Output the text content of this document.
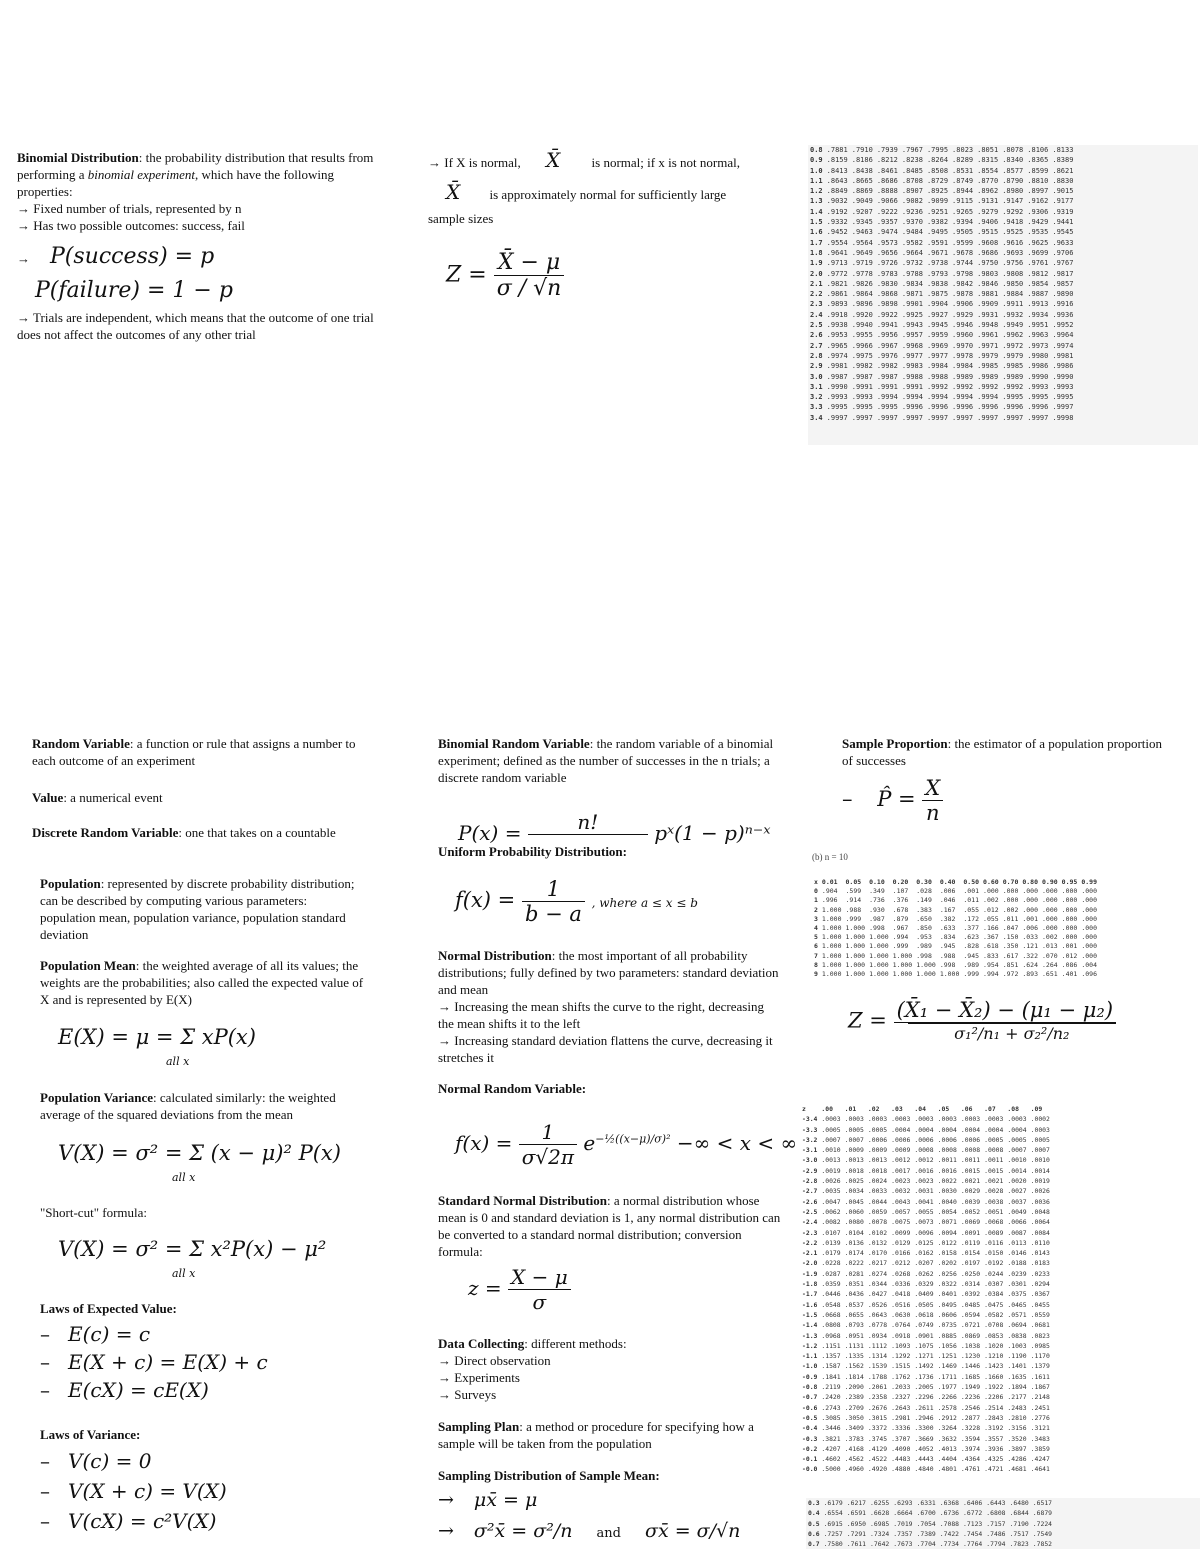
Binomial Distribution: the probability distribution that results from performing a binomial experiment, which have the following properties:
→ Fixed number of trials, represented by n
→ Has two possible outcomes: success, fail
→ P(success) = p
P(failure) = 1 − p
→ Trials are independent, which means that the outcome of one trial does not affect the outcomes of any other trial
→ If X is normal, X̄ is normal; if x is not normal,
X̄ is approximately normal for sufficiently large
sample sizes
$Z = \frac{X̄ - \mu}{\sigma / √n}$
0.8	.7881	.7910	.7939	.7967	.7995	.8023	.8051	.8078	.8106	.8133
0.9	.8159	.8186	.8212	.8238	.8264	.8289	.8315	.8340	.8365	.8389
1.0	.8413	.8438	.8461	.8485	.8508	.8531	.8554	.8577	.8599	.8621
1.1	.8643	.8665	.8686	.8708	.8729	.8749	.8770	.8790	.8810	.8830
1.2	.8849	.8869	.8888	.8907	.8925	.8944	.8962	.8980	.8997	.9015
1.3	.9032	.9049	.9066	.9082	.9099	.9115	.9131	.9147	.9162	.9177
1.4	.9192	.9207	.9222	.9236	.9251	.9265	.9279	.9292	.9306	.9319
1.5	.9332	.9345	.9357	.9370	.9382	.9394	.9406	.9418	.9429	.9441
1.6	.9452	.9463	.9474	.9484	.9495	.9505	.9515	.9525	.9535	.9545
1.7	.9554	.9564	.9573	.9582	.9591	.9599	.9608	.9616	.9625	.9633
1.8	.9641	.9649	.9656	.9664	.9671	.9678	.9686	.9693	.9699	.9706
1.9	.9713	.9719	.9726	.9732	.9738	.9744	.9750	.9756	.9761	.9767
2.0	.9772	.9778	.9783	.9788	.9793	.9798	.9803	.9808	.9812	.9817
2.1	.9821	.9826	.9830	.9834	.9838	.9842	.9846	.9850	.9854	.9857
2.2	.9861	.9864	.9868	.9871	.9875	.9878	.9881	.9884	.9887	.9890
2.3	.9893	.9896	.9898	.9901	.9904	.9906	.9909	.9911	.9913	.9916
2.4	.9918	.9920	.9922	.9925	.9927	.9929	.9931	.9932	.9934	.9936
2.5	.9938	.9940	.9941	.9943	.9945	.9946	.9948	.9949	.9951	.9952
2.6	.9953	.9955	.9956	.9957	.9959	.9960	.9961	.9962	.9963	.9964
2.7	.9965	.9966	.9967	.9968	.9969	.9970	.9971	.9972	.9973	.9974
2.8	.9974	.9975	.9976	.9977	.9977	.9978	.9979	.9979	.9980	.9981
2.9	.9981	.9982	.9982	.9983	.9984	.9984	.9985	.9985	.9986	.9986
3.0	.9987	.9987	.9987	.9988	.9988	.9989	.9989	.9989	.9990	.9990
3.1	.9990	.9991	.9991	.9991	.9992	.9992	.9992	.9992	.9993	.9993
3.2	.9993	.9993	.9994	.9994	.9994	.9994	.9994	.9995	.9995	.9995
3.3	.9995	.9995	.9995	.9996	.9996	.9996	.9996	.9996	.9996	.9997
3.4	.9997	.9997	.9997	.9997	.9997	.9997	.9997	.9997	.9997	.9998
Random Variable: a function or rule that assigns a number to each outcome of an experiment
Value: a numerical event
Discrete Random Variable: one that takes on a countable
Population: represented by discrete probability distribution; can be described by computing various parameters: population mean, population variance, population standard deviation
Population Mean: the weighted average of all its values; the weights are the probabilities; also called the expected value of X and is represented by E(X)
E(X) = μ = Σ xP(x)
all x
Population Variance: calculated similarly: the weighted average of the squared deviations from the mean
V(X) = σ² = Σ (x − μ)² P(x)
all x
"Short-cut" formula:
V(X) = σ² = Σ x²P(x) − μ²
all x
Laws of Expected Value:
– E(c) = c
– E(X + c) = E(X) + c
– E(cX) = cE(X)
Laws of Variance:
– V(c) = 0
– V(X + c) = V(X)
– V(cX) = c²V(X)
Binomial Random Variable: the random variable of a binomial experiment; defined as the number of successes in the n trials; a discrete random variable
P(x) =	n!
	pˣ(1 − p)ⁿ⁻ˣ
Uniform Probability Distribution:
$f(x) = \frac{1}{b - a}$ , where a ≤ x ≤ b
Normal Distribution: the most important of all probability distributions; fully defined by two parameters: standard deviation and mean
→ Increasing the mean shifts the curve to the right, decreasing the mean shifts it to the left
→ Increasing standard deviation flattens the curve, decreasing it stretches it
Normal Random Variable:
$f(x) = \frac{1}{\sigma√2\pi} e^{-\frac{1}{2}((x-\mu)/\sigma)^2}$ −∞ < x < ∞
Standard Normal Distribution: a normal distribution whose mean is 0 and standard deviation is 1, any normal distribution can be converted to a standard normal distribution; conversion formula:
$z = \frac{X - \mu}{\sigma}$
Data Collecting: different methods:
→ Direct observation
→ Experiments
→ Surveys
Sampling Plan: a method or procedure for specifying how a sample will be taken from the population
Sampling Distribution of Sample Mean:
→ μx̄ = μ
→ σ²x̄ = σ²/n and σx̄ = σ/√n
Sample Proportion: the estimator of a population proportion of successes
– P̂ = $\frac{X}{n}$
(b) n = 10
x	0.01	0.05	0.10	0.20	0.30	0.40	0.50	0.60	0.70	0.80	0.90	0.95	0.99
0	.904	.599	.349	.107	.028	.006	.001	.000	.000	.000	.000	.000	.000
1	.996	.914	.736	.376	.149	.046	.011	.002	.000	.000	.000	.000	.000
2	1.000	.988	.930	.678	.383	.167	.055	.012	.002	.000	.000	.000	.000
3	1.000	.999	.987	.879	.650	.382	.172	.055	.011	.001	.000	.000	.000
4	1.000	1.000	.998	.967	.850	.633	.377	.166	.047	.006	.000	.000	.000
5	1.000	1.000	1.000	.994	.953	.834	.623	.367	.150	.033	.002	.000	.000
6	1.000	1.000	1.000	.999	.989	.945	.828	.618	.350	.121	.013	.001	.000
7	1.000	1.000	1.000	1.000	.998	.988	.945	.833	.617	.322	.070	.012	.000
8	1.000	1.000	1.000	1.000	1.000	.998	.989	.954	.851	.624	.264	.086	.004
9	1.000	1.000	1.000	1.000	1.000	1.000	.999	.994	.972	.893	.651	.401	.096
$Z = \frac{\text{(X̄₁ − X̄₂) − (μ₁ − μ₂)}}{\text{σ₁²/n₁ + σ₂²/n₂}}$
z	.00	.01	.02	.03	.04	.05	.06	.07	.08	.09
-3.4	.0003	.0003	.0003	.0003	.0003	.0003	.0003	.0003	.0003	.0002
-3.3	.0005	.0005	.0005	.0004	.0004	.0004	.0004	.0004	.0004	.0003
-3.2	.0007	.0007	.0006	.0006	.0006	.0006	.0006	.0005	.0005	.0005
-3.1	.0010	.0009	.0009	.0009	.0008	.0008	.0008	.0008	.0007	.0007
-3.0	.0013	.0013	.0013	.0012	.0012	.0011	.0011	.0011	.0010	.0010
-2.9	.0019	.0018	.0018	.0017	.0016	.0016	.0015	.0015	.0014	.0014
-2.8	.0026	.0025	.0024	.0023	.0023	.0022	.0021	.0021	.0020	.0019
-2.7	.0035	.0034	.0033	.0032	.0031	.0030	.0029	.0028	.0027	.0026
-2.6	.0047	.0045	.0044	.0043	.0041	.0040	.0039	.0038	.0037	.0036
-2.5	.0062	.0060	.0059	.0057	.0055	.0054	.0052	.0051	.0049	.0048
-2.4	.0082	.0080	.0078	.0075	.0073	.0071	.0069	.0068	.0066	.0064
-2.3	.0107	.0104	.0102	.0099	.0096	.0094	.0091	.0089	.0087	.0084
-2.2	.0139	.0136	.0132	.0129	.0125	.0122	.0119	.0116	.0113	.0110
-2.1	.0179	.0174	.0170	.0166	.0162	.0158	.0154	.0150	.0146	.0143
-2.0	.0228	.0222	.0217	.0212	.0207	.0202	.0197	.0192	.0188	.0183
-1.9	.0287	.0281	.0274	.0268	.0262	.0256	.0250	.0244	.0239	.0233
-1.8	.0359	.0351	.0344	.0336	.0329	.0322	.0314	.0307	.0301	.0294
-1.7	.0446	.0436	.0427	.0418	.0409	.0401	.0392	.0384	.0375	.0367
-1.6	.0548	.0537	.0526	.0516	.0505	.0495	.0485	.0475	.0465	.0455
-1.5	.0668	.0655	.0643	.0630	.0618	.0606	.0594	.0582	.0571	.0559
-1.4	.0808	.0793	.0778	.0764	.0749	.0735	.0721	.0708	.0694	.0681
-1.3	.0968	.0951	.0934	.0918	.0901	.0885	.0869	.0853	.0838	.0823
-1.2	.1151	.1131	.1112	.1093	.1075	.1056	.1038	.1020	.1003	.0985
-1.1	.1357	.1335	.1314	.1292	.1271	.1251	.1230	.1210	.1190	.1170
-1.0	.1587	.1562	.1539	.1515	.1492	.1469	.1446	.1423	.1401	.1379
-0.9	.1841	.1814	.1788	.1762	.1736	.1711	.1685	.1660	.1635	.1611
-0.8	.2119	.2090	.2061	.2033	.2005	.1977	.1949	.1922	.1894	.1867
-0.7	.2420	.2389	.2358	.2327	.2296	.2266	.2236	.2206	.2177	.2148
-0.6	.2743	.2709	.2676	.2643	.2611	.2578	.2546	.2514	.2483	.2451
-0.5	.3085	.3050	.3015	.2981	.2946	.2912	.2877	.2843	.2810	.2776
-0.4	.3446	.3409	.3372	.3336	.3300	.3264	.3228	.3192	.3156	.3121
-0.3	.3821	.3783	.3745	.3707	.3669	.3632	.3594	.3557	.3520	.3483
-0.2	.4207	.4168	.4129	.4090	.4052	.4013	.3974	.3936	.3897	.3859
-0.1	.4602	.4562	.4522	.4483	.4443	.4404	.4364	.4325	.4286	.4247
-0.0	.5000	.4960	.4920	.4880	.4840	.4801	.4761	.4721	.4681	.4641
0.3	.6179	.6217	.6255	.6293	.6331	.6368	.6406	.6443	.6480	.6517
0.4	.6554	.6591	.6628	.6664	.6700	.6736	.6772	.6808	.6844	.6879
0.5	.6915	.6950	.6985	.7019	.7054	.7088	.7123	.7157	.7190	.7224
0.6	.7257	.7291	.7324	.7357	.7389	.7422	.7454	.7486	.7517	.7549
0.7	.7580	.7611	.7642	.7673	.7704	.7734	.7764	.7794	.7823	.7852
